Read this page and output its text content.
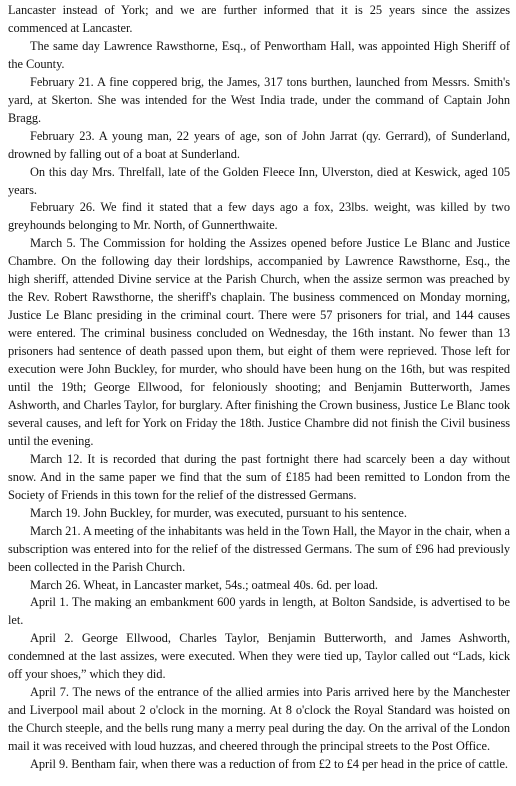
Lancaster instead of York; and we are further informed that it is 25 years since the assizes commenced at Lancaster.

The same day Lawrence Rawsthorne, Esq., of Penwortham Hall, was appointed High Sheriff of the County.

February 21. A fine coppered brig, the James, 317 tons burthen, launched from Messrs. Smith's yard, at Skerton. She was intended for the West India trade, under the command of Captain John Bragg.

February 23. A young man, 22 years of age, son of John Jarrat (qy. Gerrard), of Sunderland, drowned by falling out of a boat at Sunderland.

On this day Mrs. Threlfall, late of the Golden Fleece Inn, Ulverston, died at Keswick, aged 105 years.

February 26. We find it stated that a few days ago a fox, 23lbs. weight, was killed by two greyhounds belonging to Mr. North, of Gunnerthwaite.

March 5. The Commission for holding the Assizes opened before Justice Le Blanc and Justice Chambre. On the following day their lordships, accompanied by Lawrence Rawsthorne, Esq., the high sheriff, attended Divine service at the Parish Church, when the assize sermon was preached by the Rev. Robert Rawsthorne, the sheriff's chaplain. The business commenced on Monday morning, Justice Le Blanc presiding in the criminal court. There were 57 prisoners for trial, and 144 causes were entered. The criminal business concluded on Wednesday, the 16th instant. No fewer than 13 prisoners had sentence of death passed upon them, but eight of them were reprieved. Those left for execution were John Buckley, for murder, who should have been hung on the 16th, but was respited until the 19th; George Ellwood, for feloniously shooting; and Benjamin Butterworth, James Ashworth, and Charles Taylor, for burglary. After finishing the Crown business, Justice Le Blanc took several causes, and left for York on Friday the 18th. Justice Chambre did not finish the Civil business until the evening.

March 12. It is recorded that during the past fortnight there had scarcely been a day without snow. And in the same paper we find that the sum of £185 had been remitted to London from the Society of Friends in this town for the relief of the distressed Germans.

March 19. John Buckley, for murder, was executed, pursuant to his sentence.

March 21. A meeting of the inhabitants was held in the Town Hall, the Mayor in the chair, when a subscription was entered into for the relief of the distressed Germans. The sum of £96 had previously been collected in the Parish Church.

March 26. Wheat, in Lancaster market, 54s.; oatmeal 40s. 6d. per load.

April 1. The making an embankment 600 yards in length, at Bolton Sandside, is advertised to be let.

April 2. George Ellwood, Charles Taylor, Benjamin Butterworth, and James Ashworth, condemned at the last assizes, were executed. When they were tied up, Taylor called out “Lads, kick off your shoes,” which they did.

April 7. The news of the entrance of the allied armies into Paris arrived here by the Manchester and Liverpool mail about 2 o'clock in the morning. At 8 o'clock the Royal Standard was hoisted on the Church steeple, and the bells rung many a merry peal during the day. On the arrival of the London mail it was received with loud huzzas, and cheered through the principal streets to the Post Office.

April 9. Bentham fair, when there was a reduction of from £2 to £4 per head in the price of cattle.
